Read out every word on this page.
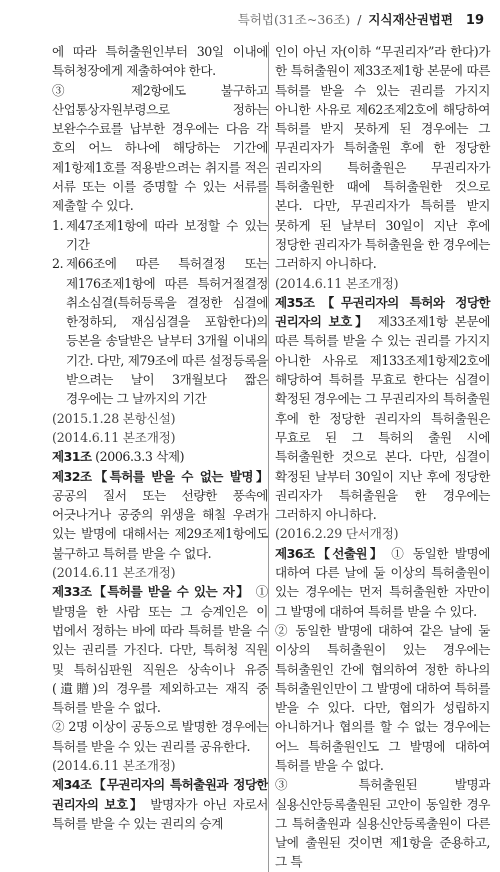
특허법(31조~36조) / 지식재산권법편 19
에 따라 특허출원인부터 30일 이내에 특허청장에게 제출하여야 한다.
③ 제2항에도 불구하고 산업통상자원부령으로 정하는 보완수수료를 납부한 경우에는 다음 각 호의 어느 하나에 해당하는 기간에 제1항제1호를 적용받으려는 취지를 적은 서류 또는 이를 증명할 수 있는 서류를 제출할 수 있다.
1. 제47조제1항에 따라 보정할 수 있는 기간
2. 제66조에 따른 특허결정 또는 제176조제1항에 따른 특허거절결정 취소심결(특허등록을 결정한 심결에 한정하되, 재심심결을 포함한다)의 등본을 송달받은 날부터 3개월 이내의 기간. 다만, 제79조에 따른 설정등록을 받으려는 날이 3개월보다 짧은 경우에는 그 날까지의 기간
(2015.1.28 본항신설)
(2014.6.11 본조개정)
제31조 (2006.3.3 삭제)
제32조【특허를 받을 수 없는 발명】 공공의 질서 또는 선량한 풍속에 어긋나거나 공중의 위생을 해칠 우려가 있는 발명에 대해서는 제29조제1항에도 불구하고 특허를 받을 수 없다.
(2014.6.11 본조개정)
제33조【특허를 받을 수 있는 자】 ① 발명을 한 사람 또는 그 승계인은 이 법에서 정하는 바에 따라 특허를 받을 수 있는 권리를 가진다. 다만, 특허청 직원 및 특허심판원 직원은 상속이나 유증(遺贈)의 경우를 제외하고는 재직 중 특허를 받을 수 없다.
② 2명 이상이 공동으로 발명한 경우에는 특허를 받을 수 있는 권리를 공유한다.
(2014.6.11 본조개정)
제34조【무권리자의 특허출원과 정당한 권리자의 보호】 발명자가 아닌 자로서 특허를 받을 수 있는 권리의 승계
인이 아닌 자(이하 “무권리자”라 한다)가 한 특허출원이 제33조제1항 본문에 따른 특허를 받을 수 있는 권리를 가지지 아니한 사유로 제62조제2호에 해당하여 특허를 받지 못하게 된 경우에는 그 무권리자가 특허출원 후에 한 정당한 권리자의 특허출원은 무권리자가 특허출원한 때에 특허출원한 것으로 본다. 다만, 무권리자가 특허를 받지 못하게 된 날부터 30일이 지난 후에 정당한 권리자가 특허출원을 한 경우에는 그러하지 아니하다.
(2014.6.11 본조개정)
제35조【무권리자의 특허와 정당한 권리자의 보호】 제33조제1항 본문에 따른 특허를 받을 수 있는 권리를 가지지 아니한 사유로 제133조제1항제2호에 해당하여 특허를 무효로 한다는 심결이 확정된 경우에는 그 무권리자의 특허출원 후에 한 정당한 권리자의 특허출원은 무효로 된 그 특허의 출원 시에 특허출원한 것으로 본다. 다만, 심결이 확정된 날부터 30일이 지난 후에 정당한 권리자가 특허출원을 한 경우에는 그러하지 아니하다.
(2016.2.29 단서개정)
제36조【선출원】 ① 동일한 발명에 대하여 다른 날에 둘 이상의 특허출원이 있는 경우에는 먼저 특허출원한 자만이 그 발명에 대하여 특허를 받을 수 있다.
② 동일한 발명에 대하여 같은 날에 둘 이상의 특허출원이 있는 경우에는 특허출원인 간에 협의하여 정한 하나의 특허출원인만이 그 발명에 대하여 특허를 받을 수 있다. 다만, 협의가 성립하지 아니하거나 협의를 할 수 없는 경우에는 어느 특허출원인도 그 발명에 대하여 특허를 받을 수 없다.
③ 특허출원된 발명과 실용신안등록출원된 고안이 동일한 경우 그 특허출원과 실용신안등록출원이 다른 날에 출원된 것이면 제1항을 준용하고, 그 특
